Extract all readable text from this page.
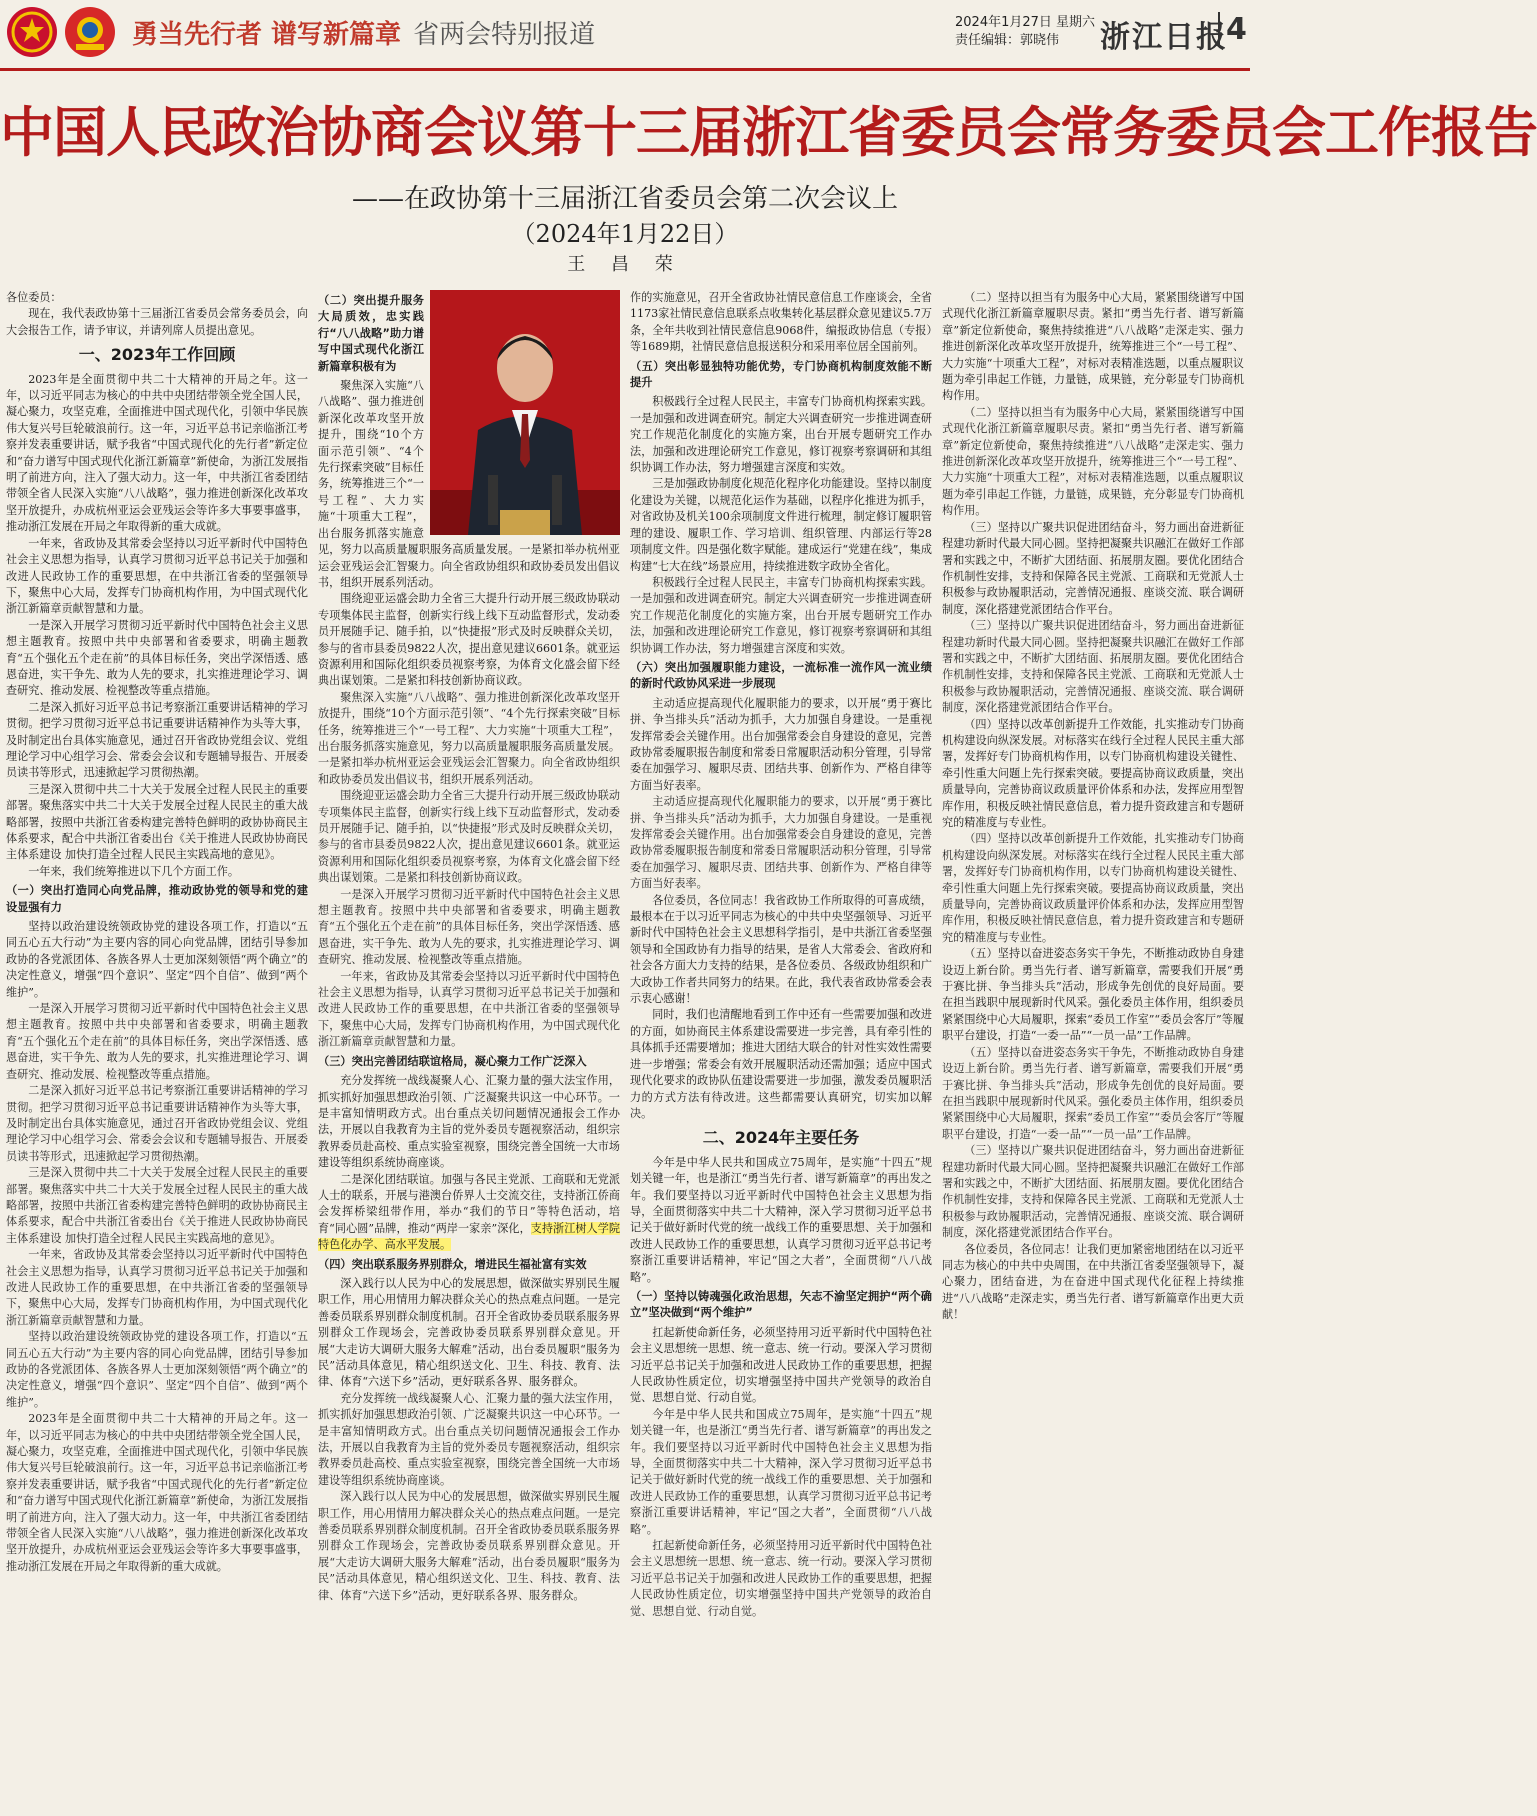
勇当先行者 谱写新篇章 省两会特别报道	2024年1月27日 星期六
责任编辑：郭晓伟	浙江日报
4
中国人民政治协商会议第十三届浙江省委员会常务委员会工作报告
——在政协第十三届浙江省委员会第二次会议上
（2024年1月22日）
王 昌 荣

各位委员：

现在，我代表政协第十三届浙江省委员会常务委员会，向大会报告工作，请予审议，并请列席人员提出意见。

一、2023年工作回顾

2023年是全面贯彻中共二十大精神的开局之年。这一年，以习近平同志为核心的中共中央团结带领全党全国人民，凝心聚力，攻坚克难，全面推进中国式现代化，引领中华民族伟大复兴号巨轮破浪前行。这一年，习近平总书记亲临浙江考察并发表重要讲话，赋予我省“中国式现代化的先行者”新定位和“奋力谱写中国式现代化浙江新篇章”新使命，为浙江发展指明了前进方向，注入了强大动力。这一年，中共浙江省委团结带领全省人民深入实施“八八战略”，强力推进创新深化改革攻坚开放提升，办成杭州亚运会亚残运会等许多大事要事盛事，推动浙江发展在开局之年取得新的重大成就。

一年来，省政协及其常委会坚持以习近平新时代中国特色社会主义思想为指导，认真学习贯彻习近平总书记关于加强和改进人民政协工作的重要思想，在中共浙江省委的坚强领导下，聚焦中心大局，发挥专门协商机构作用，为中国式现代化浙江新篇章贡献智慧和力量。

一是深入开展学习贯彻习近平新时代中国特色社会主义思想主题教育。按照中共中央部署和省委要求，明确主题教育“五个强化五个走在前”的具体目标任务，突出学深悟透、感恩奋进，实干争先、敢为人先的要求，扎实推进理论学习、调查研究、推动发展、检视整改等重点措施。

二是深入抓好习近平总书记考察浙江重要讲话精神的学习贯彻。把学习贯彻习近平总书记重要讲话精神作为头等大事，及时制定出台具体实施意见，通过召开省政协党组会议、党组理论学习中心组学习会、常委会会议和专题辅导报告、开展委员读书等形式，迅速掀起学习贯彻热潮。

三是深入贯彻中共二十大关于发展全过程人民民主的重要部署。聚焦落实中共二十大关于发展全过程人民民主的重大战略部署，按照中共浙江省委构建完善特色鲜明的政协协商民主体系要求，配合中共浙江省委出台《关于推进人民政协协商民主体系建设 加快打造全过程人民民主实践高地的意见》。

一年来，我们统筹推进以下几个方面工作。

（一）突出打造同心向党品牌，推动政协党的领导和党的建设显强有力

坚持以政治建设统领政协党的建设各项工作，打造以“五同五心五大行动”为主要内容的同心向党品牌，团结引导参加政协的各党派团体、各族各界人士更加深刻领悟“两个确立”的决定性意义，增强“四个意识”、坚定“四个自信”、做到“两个维护”。

一是深入开展学习贯彻习近平新时代中国特色社会主义思想主题教育。按照中共中央部署和省委要求，明确主题教育“五个强化五个走在前”的具体目标任务，突出学深悟透、感恩奋进，实干争先、敢为人先的要求，扎实推进理论学习、调查研究、推动发展、检视整改等重点措施。

二是深入抓好习近平总书记考察浙江重要讲话精神的学习贯彻。把学习贯彻习近平总书记重要讲话精神作为头等大事，及时制定出台具体实施意见，通过召开省政协党组会议、党组理论学习中心组学习会、常委会会议和专题辅导报告、开展委员读书等形式，迅速掀起学习贯彻热潮。

三是深入贯彻中共二十大关于发展全过程人民民主的重要部署。聚焦落实中共二十大关于发展全过程人民民主的重大战略部署，按照中共浙江省委构建完善特色鲜明的政协协商民主体系要求，配合中共浙江省委出台《关于推进人民政协协商民主体系建设 加快打造全过程人民民主实践高地的意见》。

一年来，省政协及其常委会坚持以习近平新时代中国特色社会主义思想为指导，认真学习贯彻习近平总书记关于加强和改进人民政协工作的重要思想，在中共浙江省委的坚强领导下，聚焦中心大局，发挥专门协商机构作用，为中国式现代化浙江新篇章贡献智慧和力量。

坚持以政治建设统领政协党的建设各项工作，打造以“五同五心五大行动”为主要内容的同心向党品牌，团结引导参加政协的各党派团体、各族各界人士更加深刻领悟“两个确立”的决定性意义，增强“四个意识”、坚定“四个自信”、做到“两个维护”。

2023年是全面贯彻中共二十大精神的开局之年。这一年，以习近平同志为核心的中共中央团结带领全党全国人民，凝心聚力，攻坚克难，全面推进中国式现代化，引领中华民族伟大复兴号巨轮破浪前行。这一年，习近平总书记亲临浙江考察并发表重要讲话，赋予我省“中国式现代化的先行者”新定位和“奋力谱写中国式现代化浙江新篇章”新使命，为浙江发展指明了前进方向，注入了强大动力。这一年，中共浙江省委团结带领全省人民深入实施“八八战略”，强力推进创新深化改革攻坚开放提升，办成杭州亚运会亚残运会等许多大事要事盛事，推动浙江发展在开局之年取得新的重大成就。

（二）突出提升服务大局质效，忠实践行“八八战略”助力谱写中国式现代化浙江新篇章积极有为

聚焦深入实施“八八战略”、强力推进创新深化改革攻坚开放提升，围绕“10个方面示范引领”、“4个先行探索突破”目标任务，统筹推进三个“一号工程”、大力实施“十项重大工程”，出台服务抓落实施意见，努力以高质量履职服务高质量发展。一是紧扣举办杭州亚运会亚残运会汇智聚力。向全省政协组织和政协委员发出倡议书，组织开展系列活动。

围绕迎亚运盛会助力全省三大提升行动开展三级政协联动专项集体民主监督，创新实行线上线下互动监督形式，发动委员开展随手记、随手拍，以“快捷报”形式及时反映群众关切，参与的省市县委员9822人次，提出意见建议6601条。就亚运资源利用和国际化组织委员视察考察，为体育文化盛会留下经典出谋划策。二是紧扣科技创新协商议政。

聚焦深入实施“八八战略”、强力推进创新深化改革攻坚开放提升，围绕“10个方面示范引领”、“4个先行探索突破”目标任务，统筹推进三个“一号工程”、大力实施“十项重大工程”，出台服务抓落实施意见，努力以高质量履职服务高质量发展。一是紧扣举办杭州亚运会亚残运会汇智聚力。向全省政协组织和政协委员发出倡议书，组织开展系列活动。

围绕迎亚运盛会助力全省三大提升行动开展三级政协联动专项集体民主监督，创新实行线上线下互动监督形式，发动委员开展随手记、随手拍，以“快捷报”形式及时反映群众关切，参与的省市县委员9822人次，提出意见建议6601条。就亚运资源利用和国际化组织委员视察考察，为体育文化盛会留下经典出谋划策。二是紧扣科技创新协商议政。

一是深入开展学习贯彻习近平新时代中国特色社会主义思想主题教育。按照中共中央部署和省委要求，明确主题教育“五个强化五个走在前”的具体目标任务，突出学深悟透、感恩奋进，实干争先、敢为人先的要求，扎实推进理论学习、调查研究、推动发展、检视整改等重点措施。

一年来，省政协及其常委会坚持以习近平新时代中国特色社会主义思想为指导，认真学习贯彻习近平总书记关于加强和改进人民政协工作的重要思想，在中共浙江省委的坚强领导下，聚焦中心大局，发挥专门协商机构作用，为中国式现代化浙江新篇章贡献智慧和力量。

（三）突出完善团结联谊格局，凝心聚力工作广泛深入

充分发挥统一战线凝聚人心、汇聚力量的强大法宝作用，抓实抓好加强思想政治引领、广泛凝聚共识这一中心环节。一是丰富知情明政方式。出台重点关切问题情况通报会工作办法，开展以自我教育为主旨的党外委员专题视察活动，组织宗教界委员赴高校、重点实验室视察，围绕完善全国统一大市场建设等组织系统协商座谈。

二是深化团结联谊。加强与各民主党派、工商联和无党派人士的联系，开展与港澳台侨界人士交流交往，支持浙江侨商会发挥桥梁纽带作用，举办“我们的节日”等特色活动，培育“同心圆”品牌，推动“两岸一家亲”深化，支持浙江树人学院特色化办学、高水平发展。

（四）突出联系服务界别群众，增进民生福祉富有实效

深入践行以人民为中心的发展思想，做深做实界别民生履职工作，用心用情用力解决群众关心的热点难点问题。一是完善委员联系界别群众制度机制。召开全省政协委员联系服务界别群众工作现场会，完善政协委员联系界别群众意见。开展“大走访大调研大服务大解难”活动，出台委员履职“服务为民”活动具体意见，精心组织送文化、卫生、科技、教育、法律、体育“六送下乡”活动，更好联系各界、服务群众。

充分发挥统一战线凝聚人心、汇聚力量的强大法宝作用，抓实抓好加强思想政治引领、广泛凝聚共识这一中心环节。一是丰富知情明政方式。出台重点关切问题情况通报会工作办法，开展以自我教育为主旨的党外委员专题视察活动，组织宗教界委员赴高校、重点实验室视察，围绕完善全国统一大市场建设等组织系统协商座谈。

深入践行以人民为中心的发展思想，做深做实界别民生履职工作，用心用情用力解决群众关心的热点难点问题。一是完善委员联系界别群众制度机制。召开全省政协委员联系服务界别群众工作现场会，完善政协委员联系界别群众意见。开展“大走访大调研大服务大解难”活动，出台委员履职“服务为民”活动具体意见，精心组织送文化、卫生、科技、教育、法律、体育“六送下乡”活动，更好联系各界、服务群众。

作的实施意见，召开全省政协社情民意信息工作座谈会，全省1173家社情民意信息联系点收集转化基层群众意见建议5.7万条，全年共收到社情民意信息9068件，编报政协信息（专报）等1689期，社情民意信息报送积分和采用率位居全国前列。

（五）突出彰显独特功能优势，专门协商机构制度效能不断提升

积极践行全过程人民民主，丰富专门协商机构探索实践。一是加强和改进调查研究。制定大兴调查研究一步推进调查研究工作规范化制度化的实施方案，出台开展专题研究工作办法，加强和改进理论研究工作意见，修订视察考察调研和其组织协调工作办法，努力增强建言深度和实效。

三是加强政协制度化规范化程序化功能建设。坚持以制度化建设为关键，以规范化运作为基础，以程序化推进为抓手，对省政协及机关100余项制度文件进行梳理，制定修订履职管理的建设、履职工作、学习培训、组织管理、内部运行等28项制度文件。四是强化数字赋能。建成运行“党建在线”，集成构建“七大在线”场景应用，持续推进数字政协全省化。

积极践行全过程人民民主，丰富专门协商机构探索实践。一是加强和改进调查研究。制定大兴调查研究一步推进调查研究工作规范化制度化的实施方案，出台开展专题研究工作办法，加强和改进理论研究工作意见，修订视察考察调研和其组织协调工作办法，努力增强建言深度和实效。

（六）突出加强履职能力建设，一流标准一流作风一流业绩的新时代政协风采进一步展现

主动适应提高现代化履职能力的要求，以开展“勇于赛比拼、争当排头兵”活动为抓手，大力加强自身建设。一是重视发挥常委会关键作用。出台加强常委会自身建设的意见，完善政协常委履职报告制度和常委日常履职活动积分管理，引导常委在加强学习、履职尽责、团结共事、创新作为、严格自律等方面当好表率。

主动适应提高现代化履职能力的要求，以开展“勇于赛比拼、争当排头兵”活动为抓手，大力加强自身建设。一是重视发挥常委会关键作用。出台加强常委会自身建设的意见，完善政协常委履职报告制度和常委日常履职活动积分管理，引导常委在加强学习、履职尽责、团结共事、创新作为、严格自律等方面当好表率。

各位委员，各位同志！我省政协工作所取得的可喜成绩，最根本在于以习近平同志为核心的中共中央坚强领导、习近平新时代中国特色社会主义思想科学指引，是中共浙江省委坚强领导和全国政协有力指导的结果，是省人大常委会、省政府和社会各方面大力支持的结果，是各位委员、各级政协组织和广大政协工作者共同努力的结果。在此，我代表省政协常委会表示衷心感谢！

同时，我们也清醒地看到工作中还有一些需要加强和改进的方面，如协商民主体系建设需要进一步完善，具有牵引性的具体抓手还需要增加；推进大团结大联合的针对性实效性需要进一步增强；常委会有效开展履职活动还需加强；适应中国式现代化要求的政协队伍建设需要进一步加强，激发委员履职活力的方式方法有待改进。这些都需要认真研究，切实加以解决。

二、2024年主要任务

今年是中华人民共和国成立75周年，是实施“十四五”规划关键一年，也是浙江“勇当先行者、谱写新篇章”的再出发之年。我们要坚持以习近平新时代中国特色社会主义思想为指导，全面贯彻落实中共二十大精神，深入学习贯彻习近平总书记关于做好新时代党的统一战线工作的重要思想、关于加强和改进人民政协工作的重要思想，认真学习贯彻习近平总书记考察浙江重要讲话精神，牢记“国之大者”，全面贯彻“八八战略”。

（一）坚持以铸魂强化政治思想，矢志不渝坚定拥护“两个确立”坚决做到“两个维护”

扛起新使命新任务，必须坚持用习近平新时代中国特色社会主义思想统一思想、统一意志、统一行动。要深入学习贯彻习近平总书记关于加强和改进人民政协工作的重要思想，把握人民政协性质定位，切实增强坚持中国共产党领导的政治自觉、思想自觉、行动自觉。

今年是中华人民共和国成立75周年，是实施“十四五”规划关键一年，也是浙江“勇当先行者、谱写新篇章”的再出发之年。我们要坚持以习近平新时代中国特色社会主义思想为指导，全面贯彻落实中共二十大精神，深入学习贯彻习近平总书记关于做好新时代党的统一战线工作的重要思想、关于加强和改进人民政协工作的重要思想，认真学习贯彻习近平总书记考察浙江重要讲话精神，牢记“国之大者”，全面贯彻“八八战略”。

扛起新使命新任务，必须坚持用习近平新时代中国特色社会主义思想统一思想、统一意志、统一行动。要深入学习贯彻习近平总书记关于加强和改进人民政协工作的重要思想，把握人民政协性质定位，切实增强坚持中国共产党领导的政治自觉、思想自觉、行动自觉。

（二）坚持以担当有为服务中心大局，紧紧围绕谱写中国式现代化浙江新篇章履职尽责。紧扣“勇当先行者、谱写新篇章”新定位新使命，聚焦持续推进“八八战略”走深走实、强力推进创新深化改革攻坚开放提升，统筹推进三个“一号工程”、大力实施“十项重大工程”，对标对表精准选题，以重点履职议题为牵引串起工作链，力量链，成果链，充分彰显专门协商机构作用。

（二）坚持以担当有为服务中心大局，紧紧围绕谱写中国式现代化浙江新篇章履职尽责。紧扣“勇当先行者、谱写新篇章”新定位新使命，聚焦持续推进“八八战略”走深走实、强力推进创新深化改革攻坚开放提升，统筹推进三个“一号工程”、大力实施“十项重大工程”，对标对表精准选题，以重点履职议题为牵引串起工作链，力量链，成果链，充分彰显专门协商机构作用。

（三）坚持以广聚共识促进团结奋斗，努力画出奋进新征程建功新时代最大同心圆。坚持把凝聚共识融汇在做好工作部署和实践之中，不断扩大团结面、拓展朋友圈。要优化团结合作机制性安排，支持和保障各民主党派、工商联和无党派人士积极参与政协履职活动，完善情况通报、座谈交流、联合调研制度，深化搭建党派团结合作平台。

（三）坚持以广聚共识促进团结奋斗，努力画出奋进新征程建功新时代最大同心圆。坚持把凝聚共识融汇在做好工作部署和实践之中，不断扩大团结面、拓展朋友圈。要优化团结合作机制性安排，支持和保障各民主党派、工商联和无党派人士积极参与政协履职活动，完善情况通报、座谈交流、联合调研制度，深化搭建党派团结合作平台。

（四）坚持以改革创新提升工作效能，扎实推动专门协商机构建设向纵深发展。对标落实在线行全过程人民民主重大部署，发挥好专门协商机构作用，以专门协商机构建设关键性、牵引性重大问题上先行探索突破。要提高协商议政质量，突出质量导向，完善协商议政质量评价体系和办法，发挥应用型智库作用，积极反映社情民意信息，着力提升资政建言和专题研究的精准度与专业性。

（四）坚持以改革创新提升工作效能，扎实推动专门协商机构建设向纵深发展。对标落实在线行全过程人民民主重大部署，发挥好专门协商机构作用，以专门协商机构建设关键性、牵引性重大问题上先行探索突破。要提高协商议政质量，突出质量导向，完善协商议政质量评价体系和办法，发挥应用型智库作用，积极反映社情民意信息，着力提升资政建言和专题研究的精准度与专业性。

（五）坚持以奋进姿态务实干争先，不断推动政协自身建设迈上新台阶。勇当先行者、谱写新篇章，需要我们开展“勇于赛比拼、争当排头兵”活动，形成争先创优的良好局面。要在担当践职中展现新时代风采。强化委员主体作用，组织委员紧紧围绕中心大局履职，探索“委员工作室”“委员会客厅”等履职平台建设，打造“一委一品”“一员一品”工作品牌。

（五）坚持以奋进姿态务实干争先，不断推动政协自身建设迈上新台阶。勇当先行者、谱写新篇章，需要我们开展“勇于赛比拼、争当排头兵”活动，形成争先创优的良好局面。要在担当践职中展现新时代风采。强化委员主体作用，组织委员紧紧围绕中心大局履职，探索“委员工作室”“委员会客厅”等履职平台建设，打造“一委一品”“一员一品”工作品牌。

（三）坚持以广聚共识促进团结奋斗，努力画出奋进新征程建功新时代最大同心圆。坚持把凝聚共识融汇在做好工作部署和实践之中，不断扩大团结面、拓展朋友圈。要优化团结合作机制性安排，支持和保障各民主党派、工商联和无党派人士积极参与政协履职活动，完善情况通报、座谈交流、联合调研制度，深化搭建党派团结合作平台。

各位委员，各位同志！让我们更加紧密地团结在以习近平同志为核心的中共中央周围，在中共浙江省委坚强领导下，凝心聚力，团结奋进，为在奋进中国式现代化征程上持续推进“八八战略”走深走实，勇当先行者、谱写新篇章作出更大贡献！
